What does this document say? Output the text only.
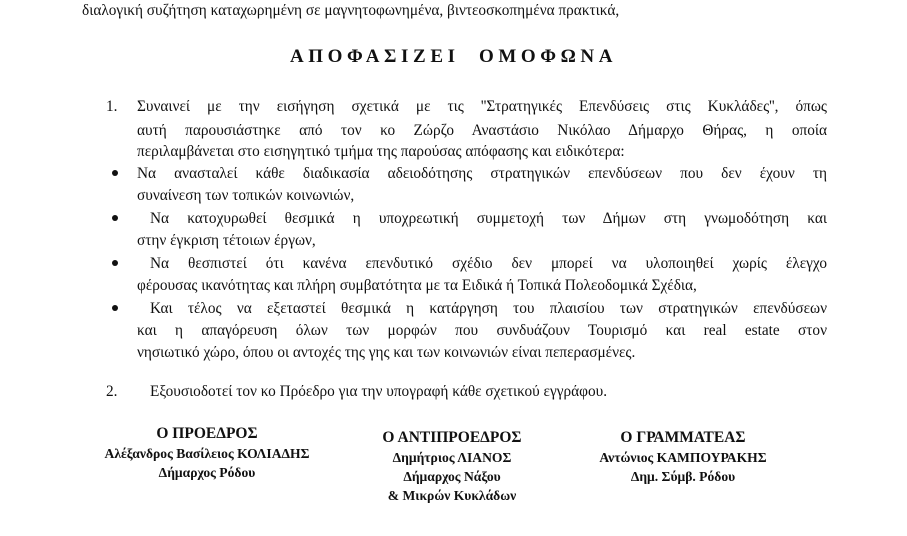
διαλογική συζήτηση καταχωρημένη σε μαγνητοφωνημένα, βιντεοσκοπημένα πρακτικά,
ΑΠΟΦΑΣΙΖΕΙ ΟΜΟΦΩΝΑ
1. Συναινεί με την εισήγηση σχετικά με τις ''Στρατηγικές Επενδύσεις στις Κυκλάδες'', όπως
αυτή παρουσιάστηκε από τον κο Ζώρζο Αναστάσιο Νικόλαο Δήμαρχο Θήρας, η οποία
περιλαμβάνεται στο εισηγητικό τμήμα της παρούσας απόφασης και ειδικότερα:
Να ανασταλεί κάθε διαδικασία αδειοδότησης στρατηγικών επενδύσεων που δεν έχουν τη
συναίνεση των τοπικών κοινωνιών,
Να κατοχυρωθεί θεσμικά η υποχρεωτική συμμετοχή των Δήμων στη γνωμοδότηση και
στην έγκριση τέτοιων έργων,
Να θεσπιστεί ότι κανένα επενδυτικό σχέδιο δεν μπορεί να υλοποιηθεί χωρίς έλεγχο
φέρουσας ικανότητας και πλήρη συμβατότητα με τα Ειδικά ή Τοπικά Πολεοδομικά Σχέδια,
Και τέλος να εξεταστεί θεσμικά η κατάργηση του πλαισίου των στρατηγικών επενδύσεων
και η απαγόρευση όλων των μορφών που συνδυάζουν Τουρισμό και real estate στον
νησιωτικό χώρο, όπου οι αντοχές της γης και των κοινωνιών είναι πεπερασμένες.
2. Εξουσιοδοτεί τον κο Πρόεδρο για την υπογραφή κάθε σχετικού εγγράφου.
Ο ΠΡΟΕΔΡΟΣ
Αλέξανδρος Βασίλειος ΚΟΛΙΑΔΗΣ
Δήμαρχος Ρόδου
Ο ΑΝΤΙΠΡΟΕΔΡΟΣ
Δημήτριος ΛΙΑΝΟΣ
Δήμαρχος Νάξου
& Μικρών Κυκλάδων
Ο ΓΡΑΜΜΑΤΕΑΣ
Αντώνιος ΚΑΜΠΟΥΡΑΚΗΣ
Δημ. Σύμβ. Ρόδου
